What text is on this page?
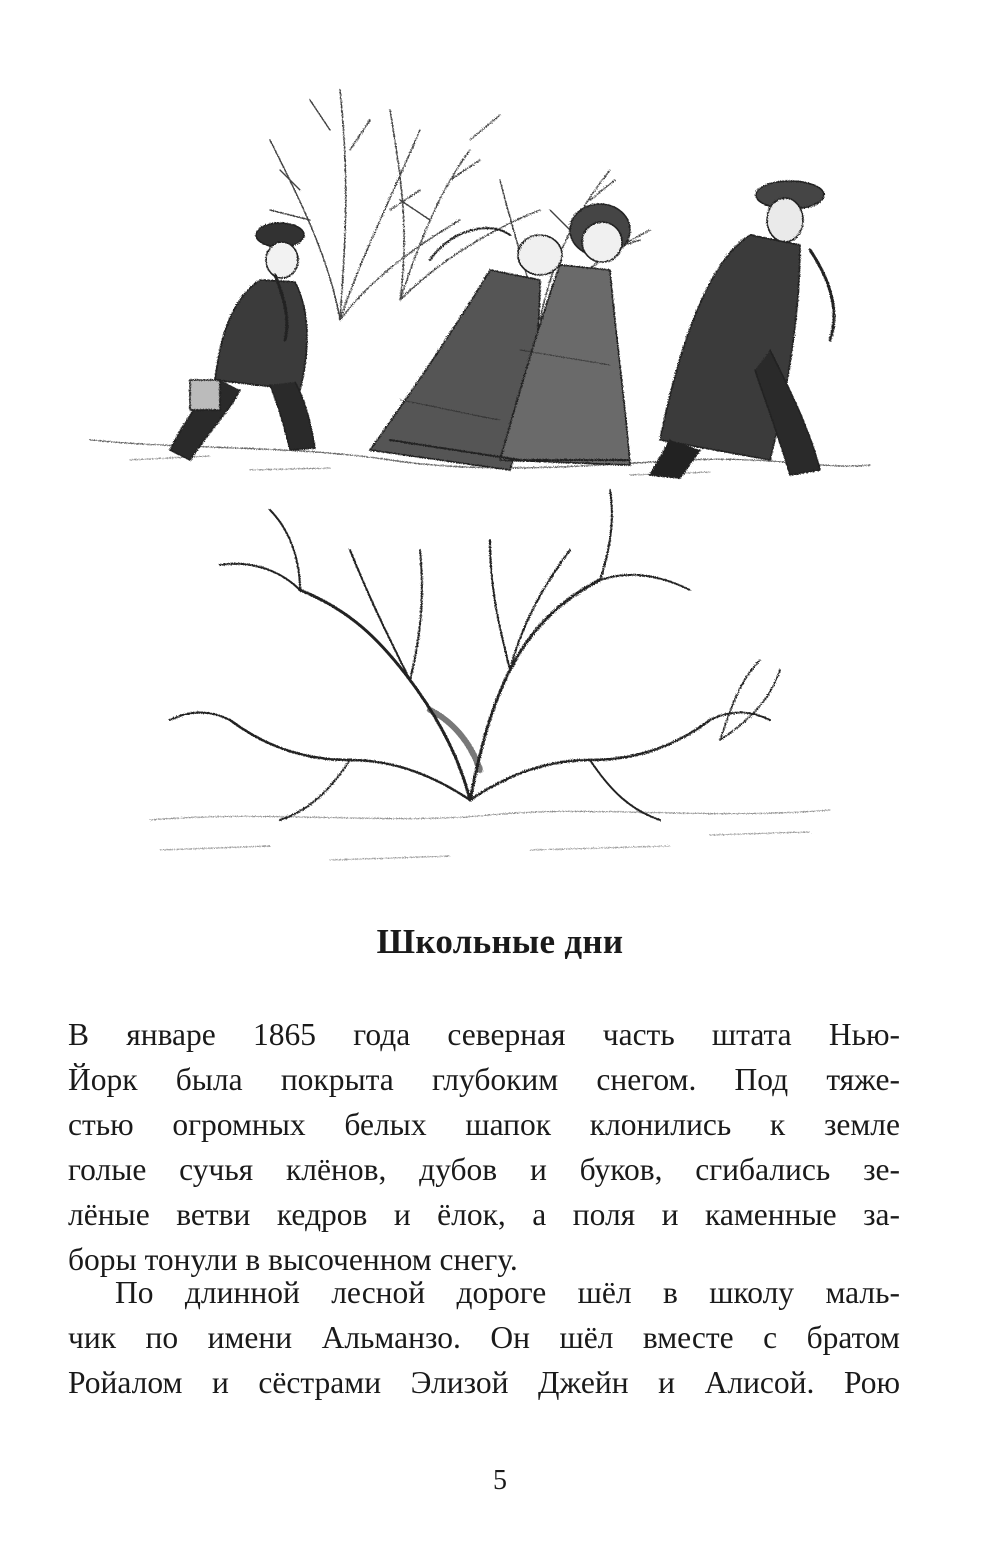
Школьные дни
В январе 1865 года северная часть штата Нью-
Йорк была покрыта глубоким снегом. Под тяже-
стью огромных белых шапок клонились к земле
голые сучья клёнов, дубов и буков, сгибались зе-
лёные ветви кедров и ёлок, а поля и каменные за-
боры тонули в высоченном снегу.
По длинной лесной дороге шёл в школу маль-
чик по имени Альманзо. Он шёл вместе с братом
Ройалом и сёстрами Элизой Джейн и Алисой. Рою
5
